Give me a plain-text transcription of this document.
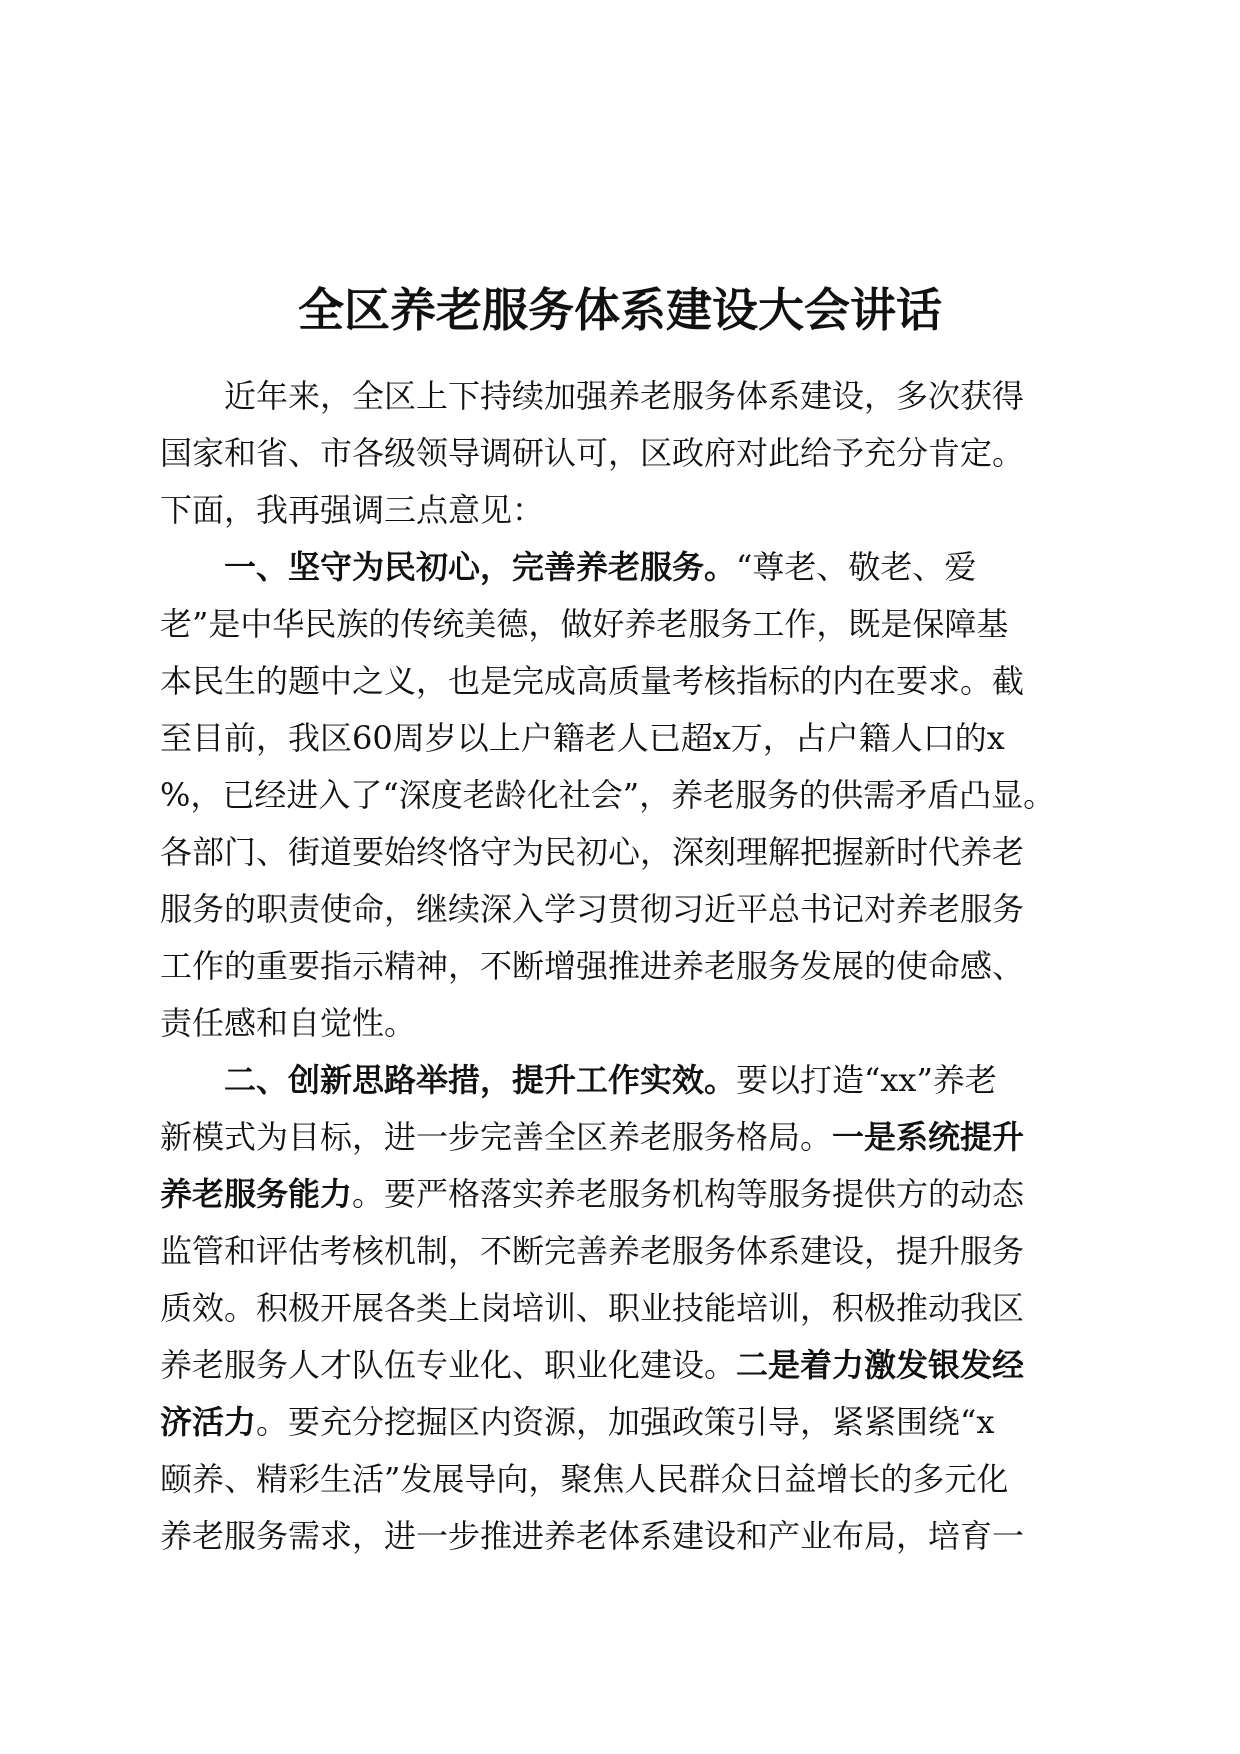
全区养老服务体系建设大会讲话
近年来，全区上下持续加强养老服务体系建设，多次获得
国家和省、市各级领导调研认可，区政府对此给予充分肯定。
下面，我再强调三点意见：
一、坚守为民初心，完善养老服务。“尊老、敬老、爱
老”是中华民族的传统美德，做好养老服务工作，既是保障基
本民生的题中之义，也是完成高质量考核指标的内在要求。截
至目前，我区60周岁以上户籍老人已超x万，占户籍人口的x
%，已经进入了“深度老龄化社会”，养老服务的供需矛盾凸显。
各部门、街道要始终恪守为民初心，深刻理解把握新时代养老
服务的职责使命，继续深入学习贯彻习近平总书记对养老服务
工作的重要指示精神，不断增强推进养老服务发展的使命感、
责任感和自觉性。
二、创新思路举措，提升工作实效。要以打造“xx”养老
新模式为目标，进一步完善全区养老服务格局。一是系统提升
养老服务能力。要严格落实养老服务机构等服务提供方的动态
监管和评估考核机制，不断完善养老服务体系建设，提升服务
质效。积极开展各类上岗培训、职业技能培训，积极推动我区
养老服务人才队伍专业化、职业化建设。二是着力激发银发经
济活力。要充分挖掘区内资源，加强政策引导，紧紧围绕“x
颐养、精彩生活”发展导向，聚焦人民群众日益增长的多元化
养老服务需求，进一步推进养老体系建设和产业布局，培育一
